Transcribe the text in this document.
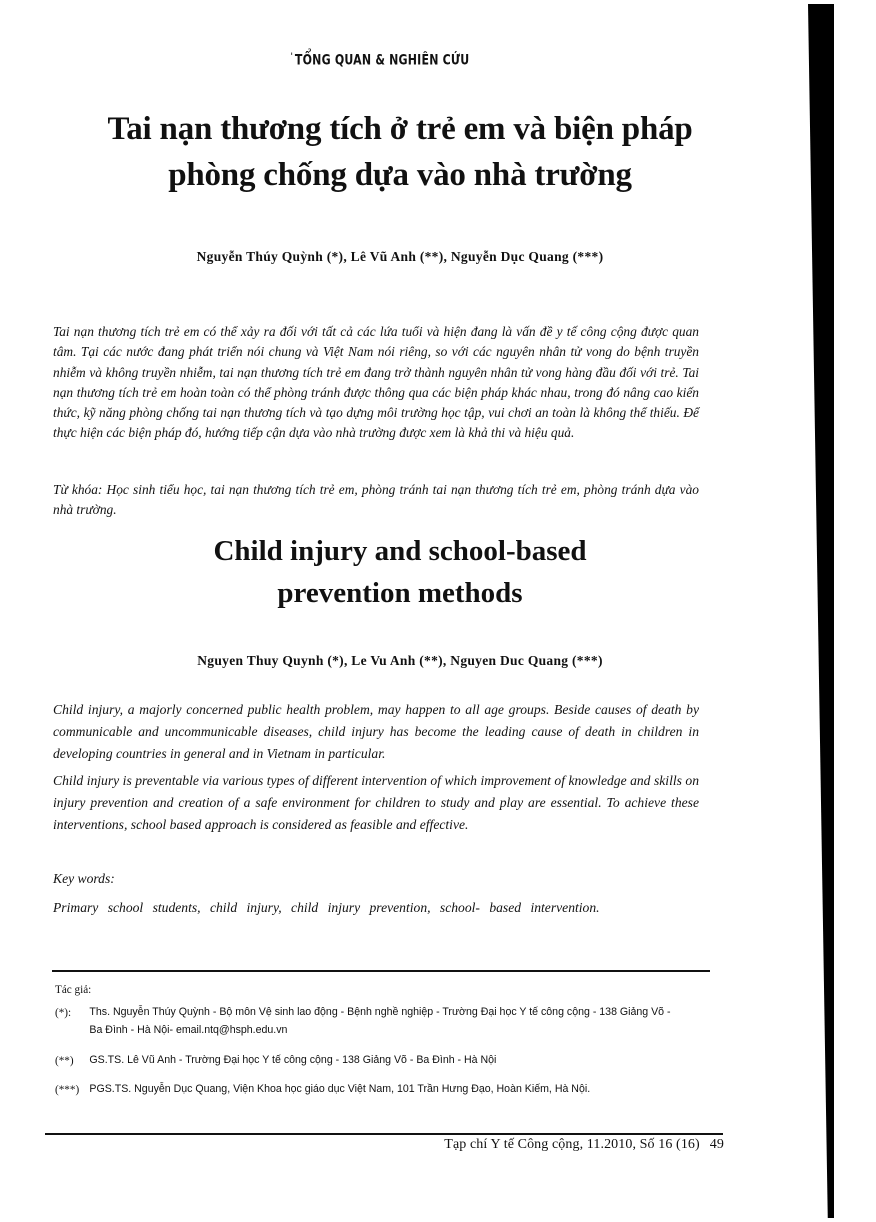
' TỔNG QUAN & NGHIÊN CỨU
Tai nạn thương tích ở trẻ em và biện pháp
phòng chống dựa vào nhà trường
Nguyễn Thúy Quỳnh (*), Lê Vũ Anh (**), Nguyễn Dục Quang (***)

Tai nạn thương tích trẻ em có thể xảy ra đối với tất cả các lứa tuổi và hiện đang là vấn đề y tế công cộng được quan tâm. Tại các nước đang phát triển nói chung và Việt Nam nói riêng, so với các nguyên nhân tử vong do bệnh truyền nhiễm và không truyền nhiễm, tai nạn thương tích trẻ em đang trở thành nguyên nhân tử vong hàng đầu đối với trẻ. Tai nạn thương tích trẻ em hoàn toàn có thể phòng tránh được thông qua các biện pháp khác nhau, trong đó nâng cao kiến thức, kỹ năng phòng chống tai nạn thương tích và tạo dựng môi trường học tập, vui chơi an toàn là không thể thiếu. Để thực hiện các biện pháp đó, hướng tiếp cận dựa vào nhà trường được xem là khả thi và hiệu quả.

Từ khóa: Học sinh tiểu học, tai nạn thương tích trẻ em, phòng tránh tai nạn thương tích trẻ em, phòng tránh dựa vào nhà trường.

Child injury and school-based
prevention methods
Nguyen Thuy Quynh (*), Le Vu Anh (**), Nguyen Duc Quang (***)

Child injury, a majorly concerned public health problem, may happen to all age groups. Beside causes of death by communicable and uncommunicable diseases, child injury has become the leading cause of death in children in developing countries in general and in Vietnam in particular.

Child injury is preventable via various types of different intervention of which improvement of knowledge and skills on injury prevention and creation of a safe environment for children to study and play are essential. To achieve these interventions, school based approach is considered as feasible and effective.

Key words:

Primary school students, child injury, child injury prevention, school- based intervention.

Tác giả:
(*):	Ths. Nguyễn Thúy Quỳnh - Bộ môn Vệ sinh lao động - Bệnh nghề nghiệp - Trường Đại học Y tế công cộng - 138 Giảng Võ - Ba Đình - Hà Nội- email.ntq@hsph.edu.vn
(**)	GS.TS. Lê Vũ Anh - Trường Đại học Y tế công cộng - 138 Giảng Võ - Ba Đình - Hà Nội
(***) PGS.TS. Nguyễn Dục Quang, Viện Khoa học giáo dục Việt Nam, 101 Trần Hưng Đạo, Hoàn Kiếm, Hà Nội.
Tạp chí Y tế Công cộng, 11.2010, Số 16 (16) 49
